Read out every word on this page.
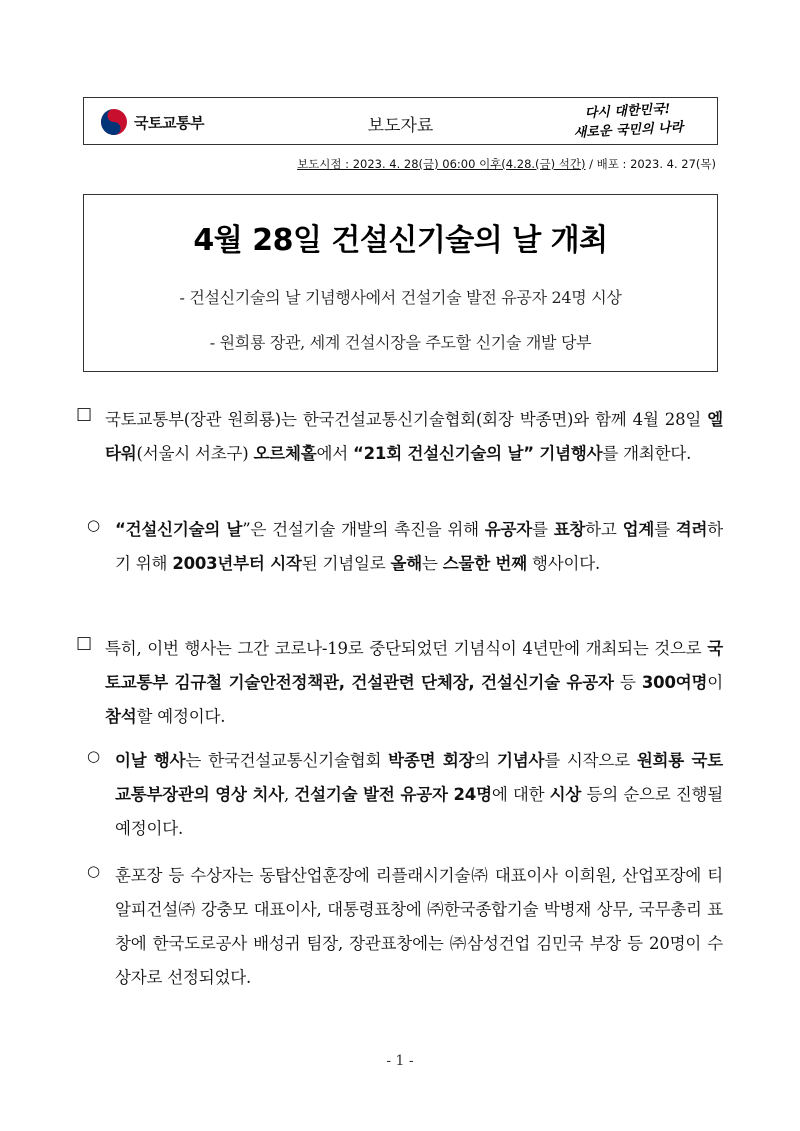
국토교통부	보도자료
다시 대한민국!
새로운 국민의 나라
보도시점 : 2023. 4. 28(금) 06:00 이후(4.28.(금) 석간) / 배포 : 2023. 4. 27(목)
4월 28일 건설신기술의 날 개최
- 건설신기술의 날 기념행사에서 건설기술 발전 유공자 24명 시상
- 원희룡 장관, 세계 건설시장을 주도할 신기술 개발 당부
□ 국토교통부(장관 원희룡)는 한국건설교통신기술협회(회장 박종면)와 함께 4월 28일 엘타워(서울시 서초구) 오르체홀에서 “21회 건설신기술의 날” 기념행사를 개최한다.
○ “건설신기술의 날”은 건설기술 개발의 촉진을 위해 유공자를 표창하고 업계를 격려하기 위해 2003년부터 시작된 기념일로 올해는 스물한 번째 행사이다.
□ 특히, 이번 행사는 그간 코로나-19로 중단되었던 기념식이 4년만에 개최되는 것으로 국토교통부 김규철 기술안전정책관, 건설관련 단체장, 건설신기술 유공자 등 300여명이 참석할 예정이다.
○ 이날 행사는 한국건설교통신기술협회 박종면 회장의 기념사를 시작으로 원희룡 국토교통부장관의 영상 치사, 건설기술 발전 유공자 24명에 대한 시상 등의 순으로 진행될 예정이다.
○ 훈포장 등 수상자는 동탑산업훈장에 리플래시기술㈜ 대표이사 이희원, 산업포장에 티알피건설㈜ 강충모 대표이사, 대통령표창에 ㈜한국종합기술 박병재 상무, 국무총리 표창에 한국도로공사 배성귀 팀장, 장관표창에는 ㈜삼성건업 김민국 부장 등 20명이 수상자로 선정되었다.
- 1 -
